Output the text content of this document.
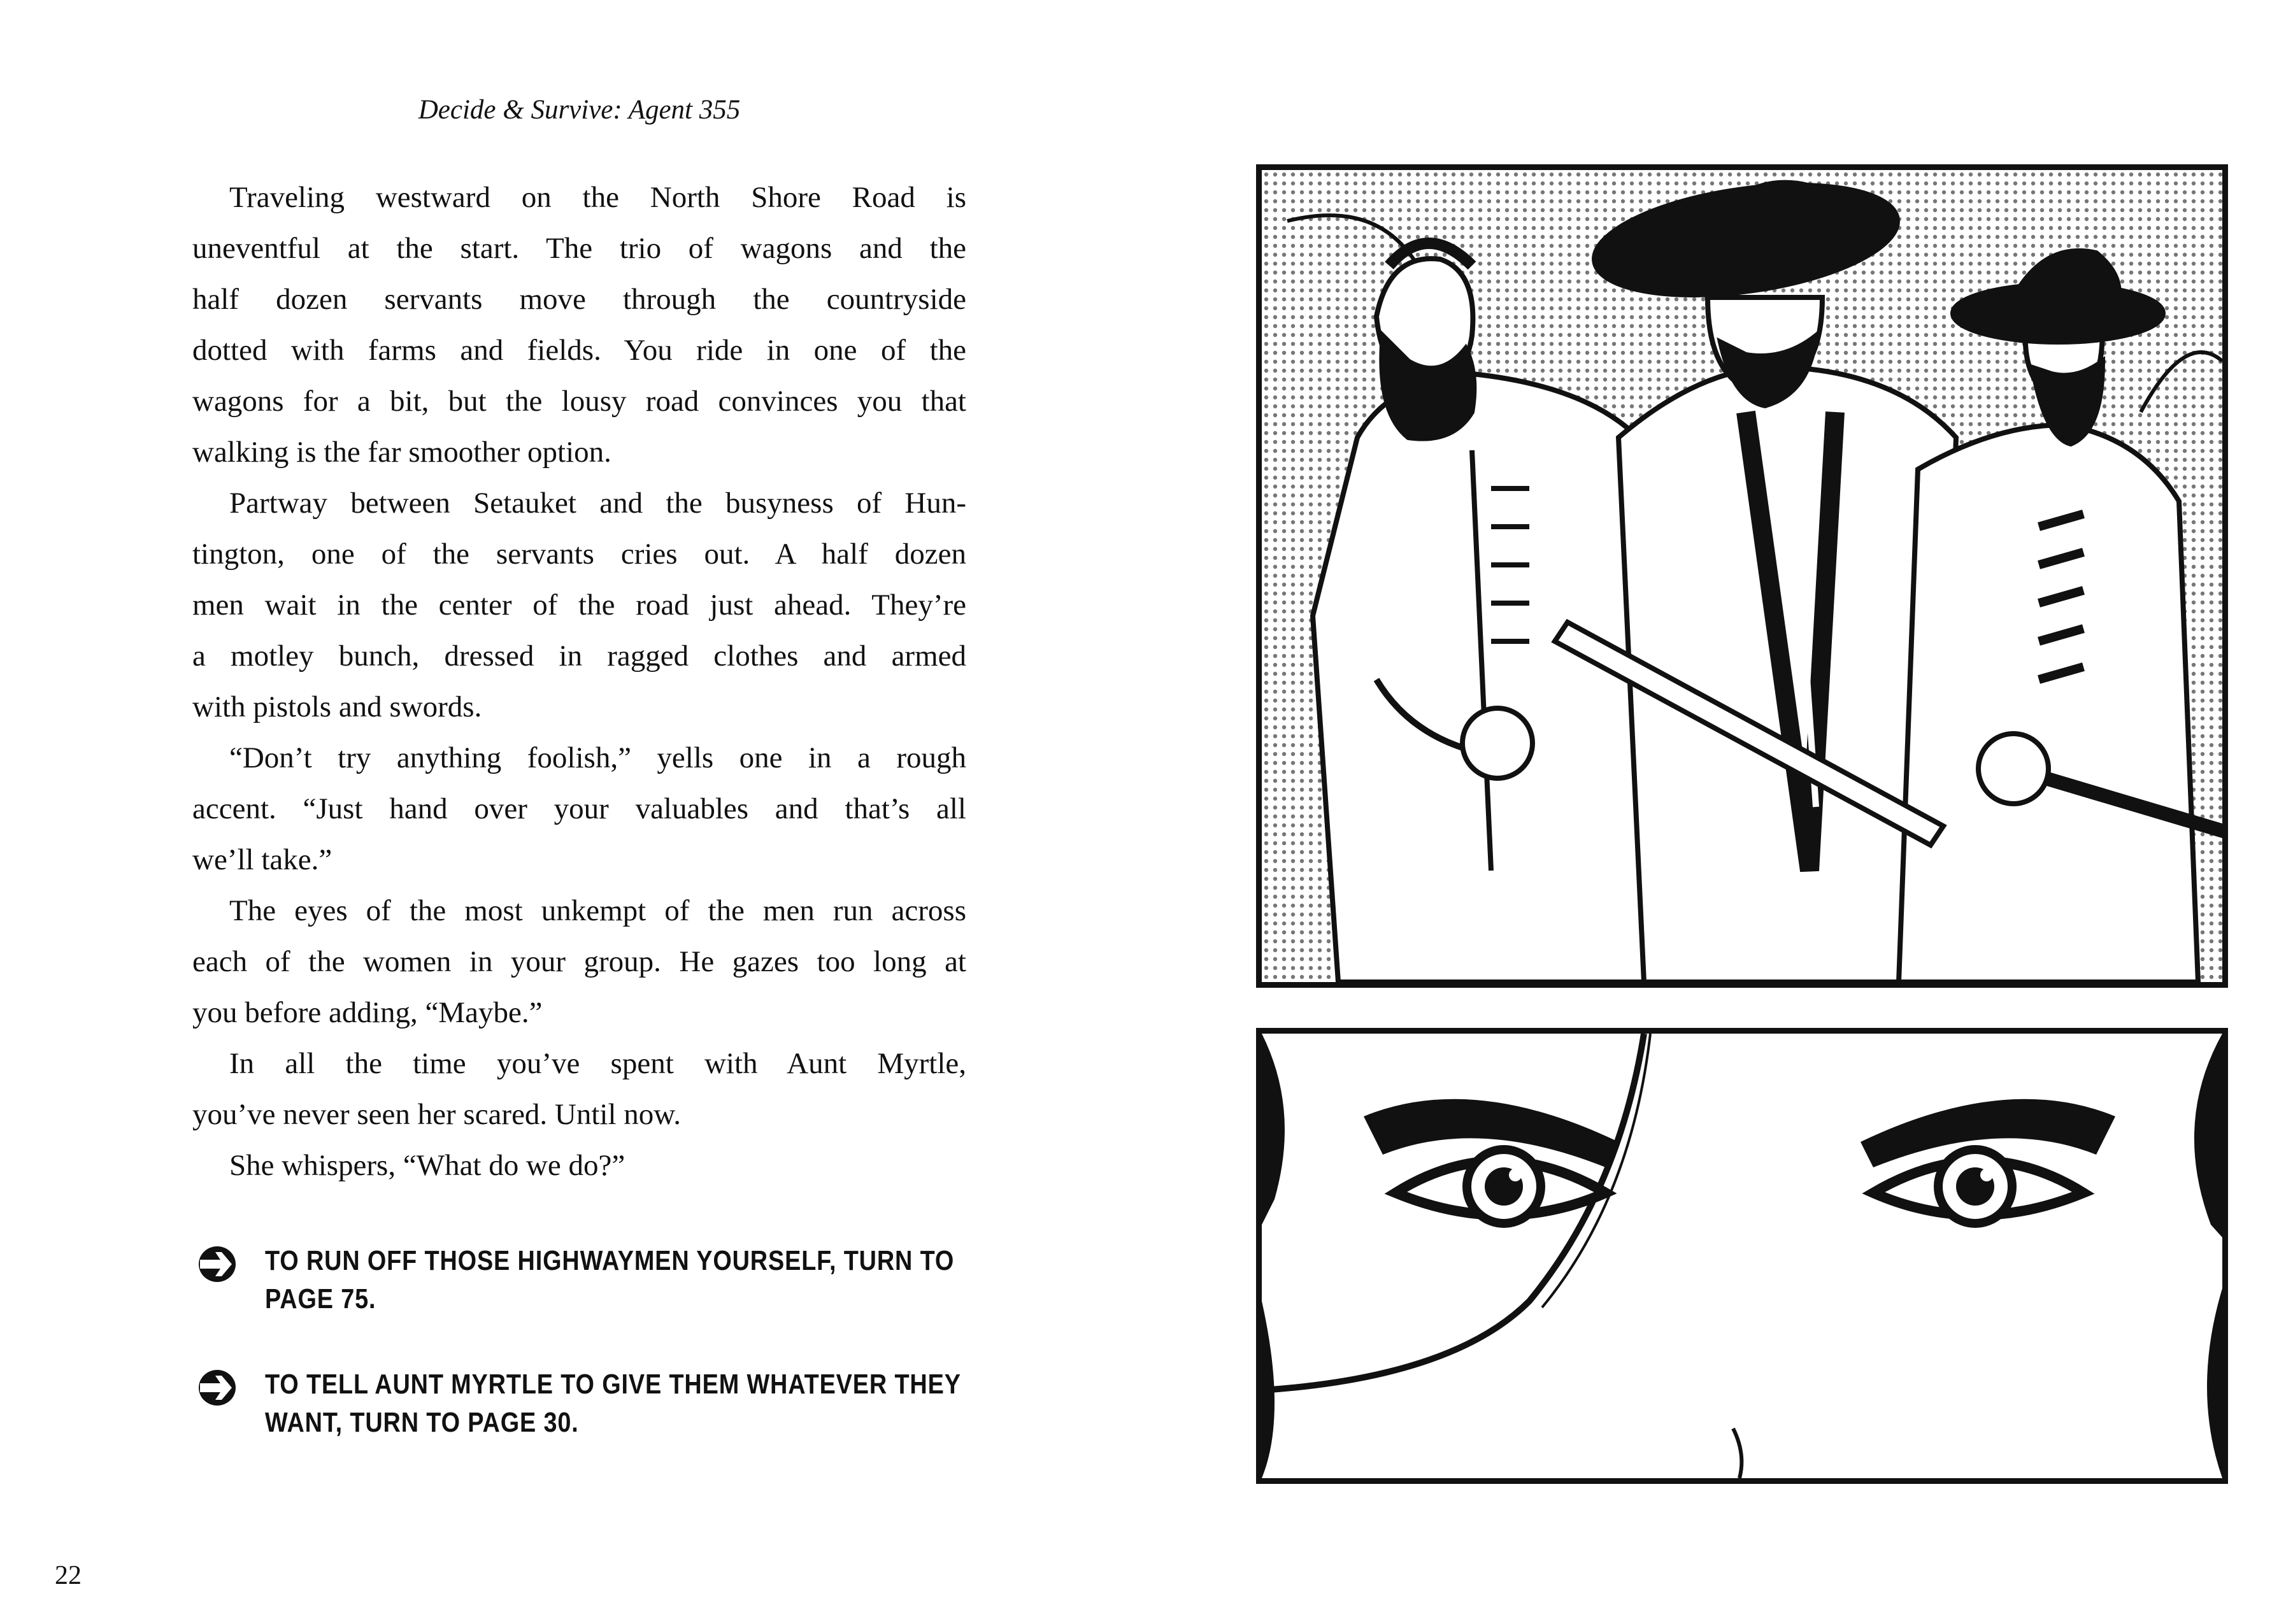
Decide & Survive: Agent 355
Traveling westward on the North Shore Road is
uneventful at the start. The trio of wagons and the
half dozen servants move through the countryside
dotted with farms and fields. You ride in one of the
wagons for a bit, but the lousy road convinces you that
walking is the far smoother option.
Partway between Setauket and the busyness of Hun-
tington, one of the servants cries out. A half dozen
men wait in the center of the road just ahead. They’re
a motley bunch, dressed in ragged clothes and armed
with pistols and swords.
“Don’t try anything foolish,” yells one in a rough
accent. “Just hand over your valuables and that’s all
we’ll take.”
The eyes of the most unkempt of the men run across
each of the women in your group. He gazes too long at
you before adding, “Maybe.”
In all the time you’ve spent with Aunt Myrtle,
you’ve never seen her scared. Until now.
She whispers, “What do we do?”
TO RUN OFF THOSE HIGHWAYMEN YOURSELF, TURN TO
PAGE 75.
TO TELL AUNT MYRTLE TO GIVE THEM WHATEVER THEY
WANT, TURN TO PAGE 30.
22
